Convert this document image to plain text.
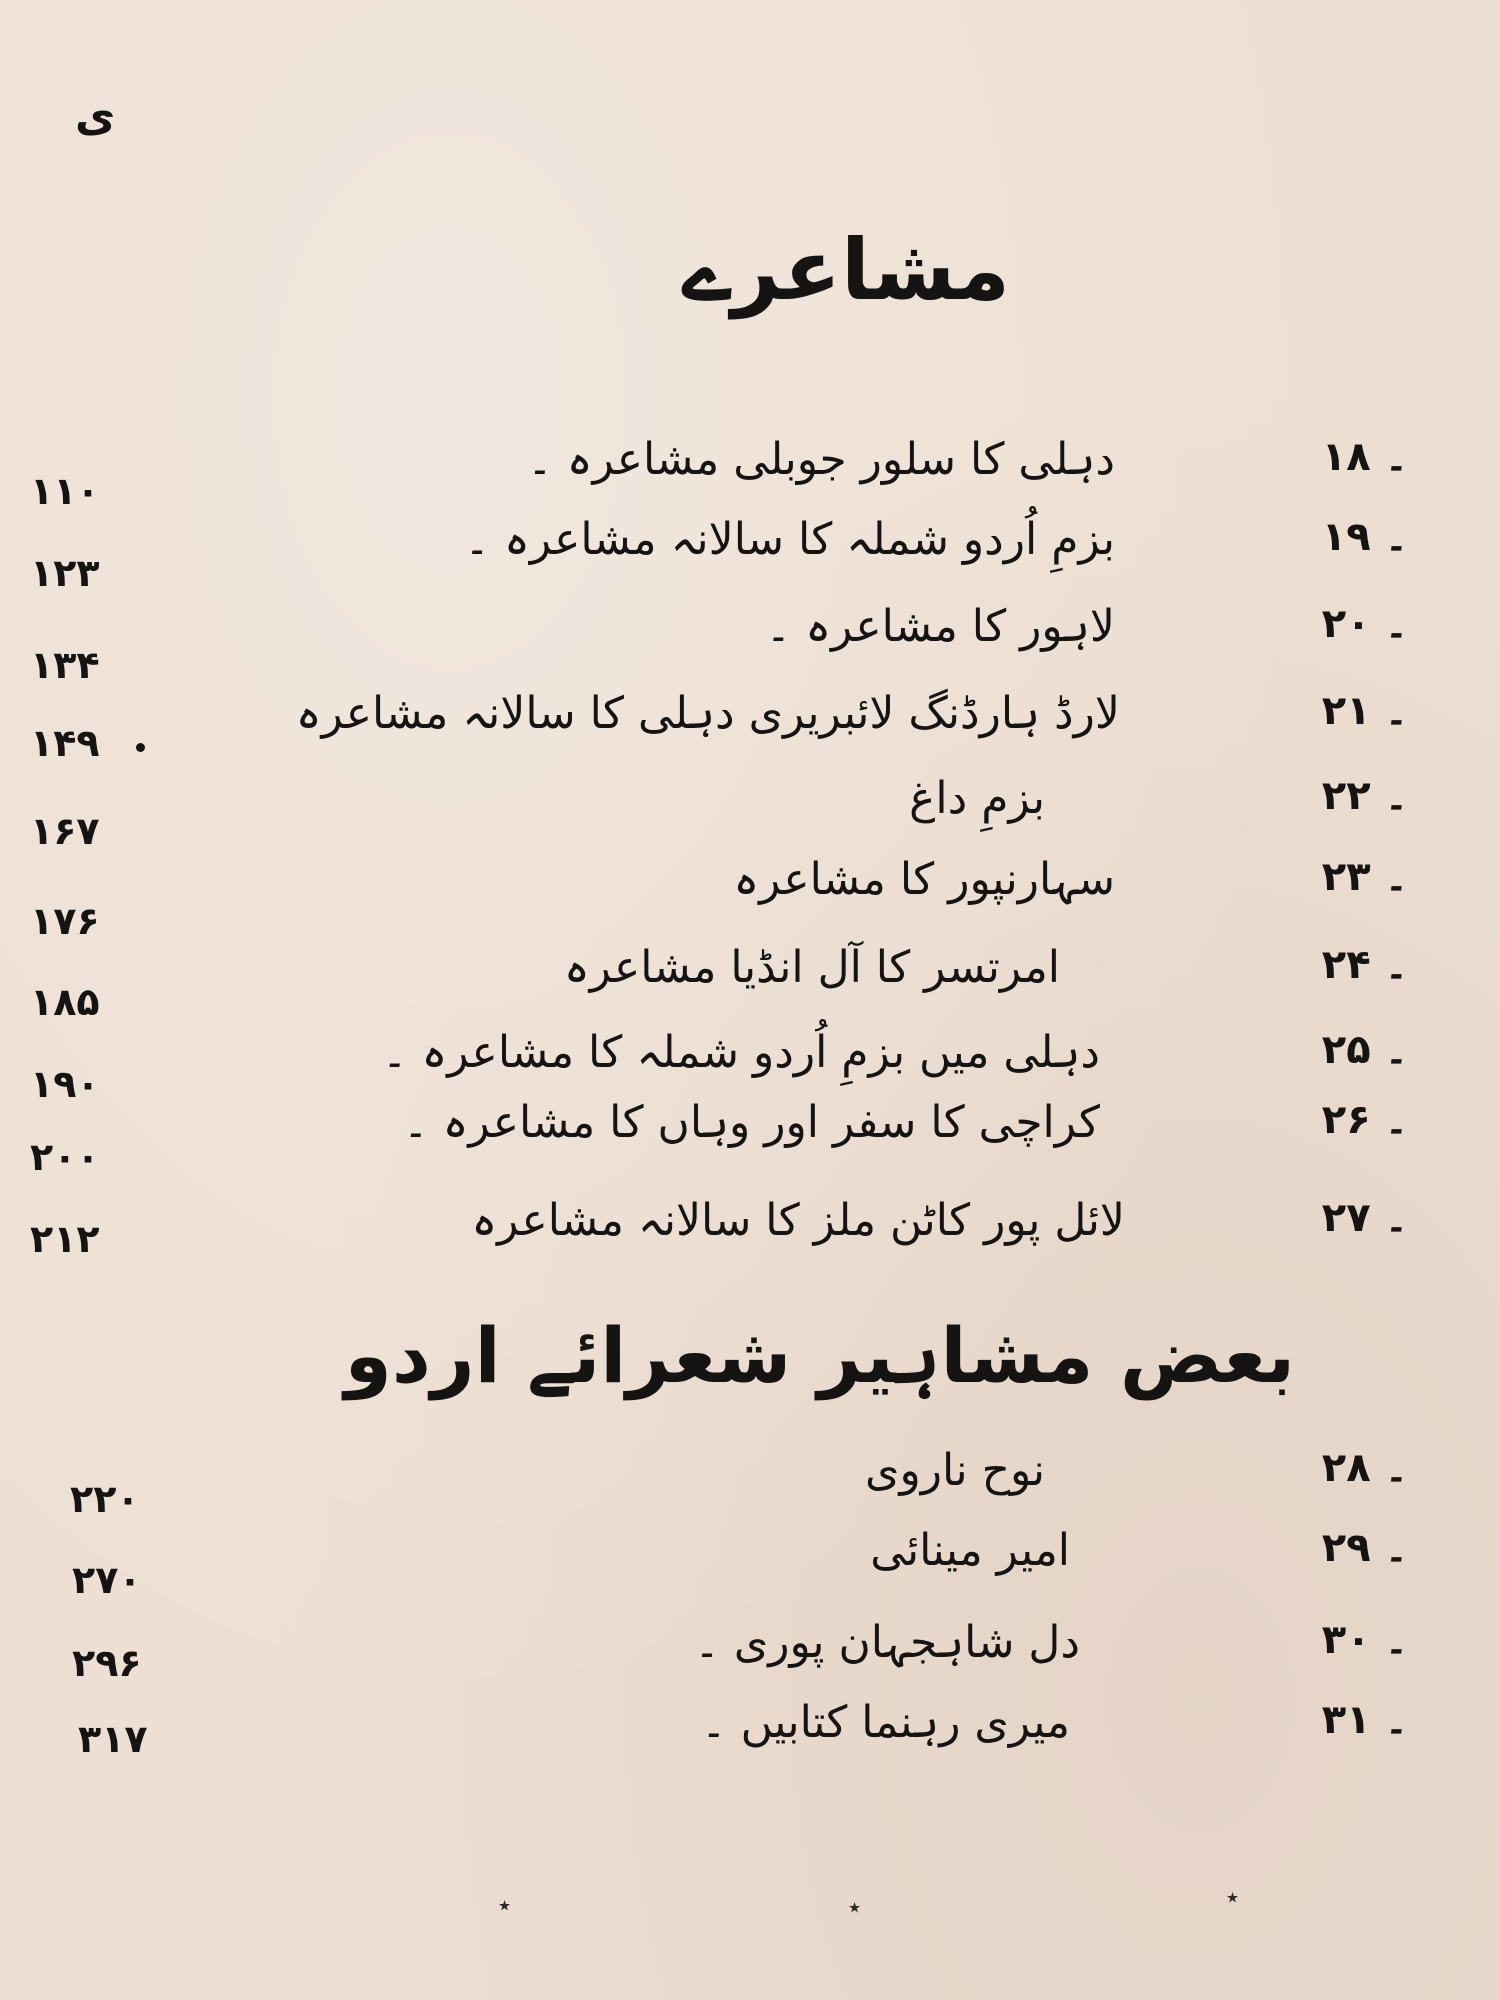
ی
مشاعرے
۱۸ ۔
دہلی کا سلور جوبلی مشاعرہ ۔
۱۱۰
۱۹ ۔
بزمِ اُردو شملہ کا سالانہ مشاعرہ ۔
۱۲۳
۲۰ ۔
لاہور کا مشاعرہ ۔
۱۳۴
۲۱ ۔
لارڈ ہارڈنگ لائبریری دہلی کا سالانہ مشاعرہ
۱۴۹
۲۲ ۔
بزمِ داغ
۱۶۷
۲۳ ۔
سہارنپور کا مشاعرہ
۱۷۶
۲۴ ۔
امرتسر کا آل انڈیا مشاعرہ
۱۸۵
۲۵ ۔
دہلی میں بزمِ اُردو شملہ کا مشاعرہ ۔
۱۹۰
۲۶ ۔
کراچی کا سفر اور وہاں کا مشاعرہ ۔
۲۰۰
۲۷ ۔
لائل پور کاٹن ملز کا سالانہ مشاعرہ
۲۱۲
بعض مشاہیر شعرائے اردو
۲۸ ۔
نوح ناروی
۲۲۰
۲۹ ۔
امیر مینائی
۲۷۰
۳۰ ۔
دل شاہجہان پوری ۔
۲۹۶
۳۱ ۔
میری رہنما کتابیں ۔
۳۱۷
٭	٭	٭
